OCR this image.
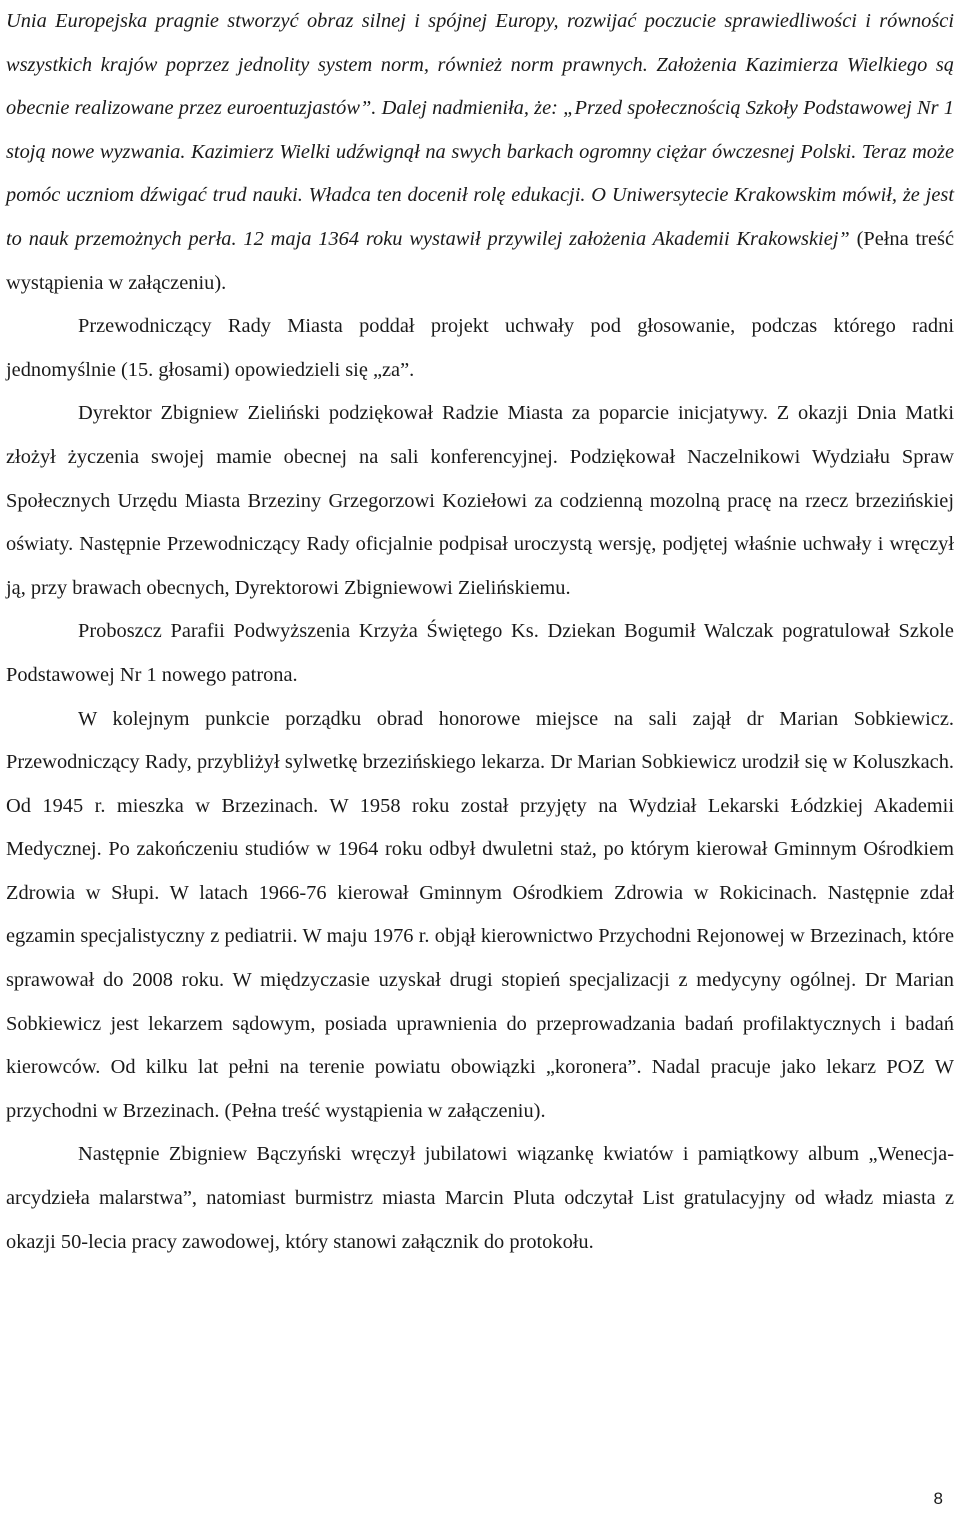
Unia Europejska pragnie stworzyć obraz silnej i spójnej Europy, rozwijać poczucie sprawiedliwości i równości wszystkich krajów poprzez jednolity system norm, również norm prawnych. Założenia Kazimierza Wielkiego są obecnie realizowane przez euroentuzjastów”. Dalej nadmieniła, że: „Przed społecznością Szkoły Podstawowej Nr 1 stoją nowe wyzwania. Kazimierz Wielki udźwignął na swych barkach ogromny ciężar ówczesnej Polski. Teraz może pomóc uczniom dźwigać trud nauki. Władca ten docenił rolę edukacji. O Uniwersytecie Krakowskim mówił, że jest to nauk przemożnych perła. 12 maja 1364 roku wystawił przywilej założenia Akademii Krakowskiej” (Pełna treść wystąpienia w załączeniu).

Przewodniczący Rady Miasta poddał projekt uchwały pod głosowanie, podczas którego radni jednomyślnie (15. głosami) opowiedzieli się „za”.

Dyrektor Zbigniew Zieliński podziękował Radzie Miasta za poparcie inicjatywy. Z okazji Dnia Matki złożył życzenia swojej mamie obecnej na sali konferencyjnej. Podziękował Naczelnikowi Wydziału Spraw Społecznych Urzędu Miasta Brzeziny Grzegorzowi Koziełowi za codzienną mozolną pracę na rzecz brzezińskiej oświaty. Następnie Przewodniczący Rady oficjalnie podpisał uroczystą wersję, podjętej właśnie uchwały i wręczył ją, przy brawach obecnych, Dyrektorowi Zbigniewowi Zielińskiemu.

Proboszcz Parafii Podwyższenia Krzyża Świętego Ks. Dziekan Bogumił Walczak pogratulował Szkole Podstawowej Nr 1 nowego patrona.

W kolejnym punkcie porządku obrad honorowe miejsce na sali zajął dr Marian Sobkiewicz. Przewodniczący Rady, przybliżył sylwetkę brzezińskiego lekarza. Dr Marian Sobkiewicz urodził się w Koluszkach. Od 1945 r. mieszka w Brzezinach. W 1958 roku został przyjęty na Wydział Lekarski Łódzkiej Akademii Medycznej. Po zakończeniu studiów w 1964 roku odbył dwuletni staż, po którym kierował Gminnym Ośrodkiem Zdrowia w Słupi. W latach 1966-76 kierował Gminnym Ośrodkiem Zdrowia w Rokicinach. Następnie zdał egzamin specjalistyczny z pediatrii. W maju 1976 r. objął kierownictwo Przychodni Rejonowej w Brzezinach, które sprawował do 2008 roku. W międzyczasie uzyskał drugi stopień specjalizacji z medycyny ogólnej. Dr Marian Sobkiewicz jest lekarzem sądowym, posiada uprawnienia do przeprowadzania badań profilaktycznych i badań kierowców. Od kilku lat pełni na terenie powiatu obowiązki „koronera”. Nadal pracuje jako lekarz POZ W przychodni w Brzezinach. (Pełna treść wystąpienia w załączeniu).

Następnie Zbigniew Bączyński wręczył jubilatowi wiązankę kwiatów i pamiątkowy album „Wenecja-arcydzieła malarstwa”, natomiast burmistrz miasta Marcin Pluta odczytał List gratulacyjny od władz miasta z okazji 50-lecia pracy zawodowej, który stanowi załącznik do protokołu.

8
